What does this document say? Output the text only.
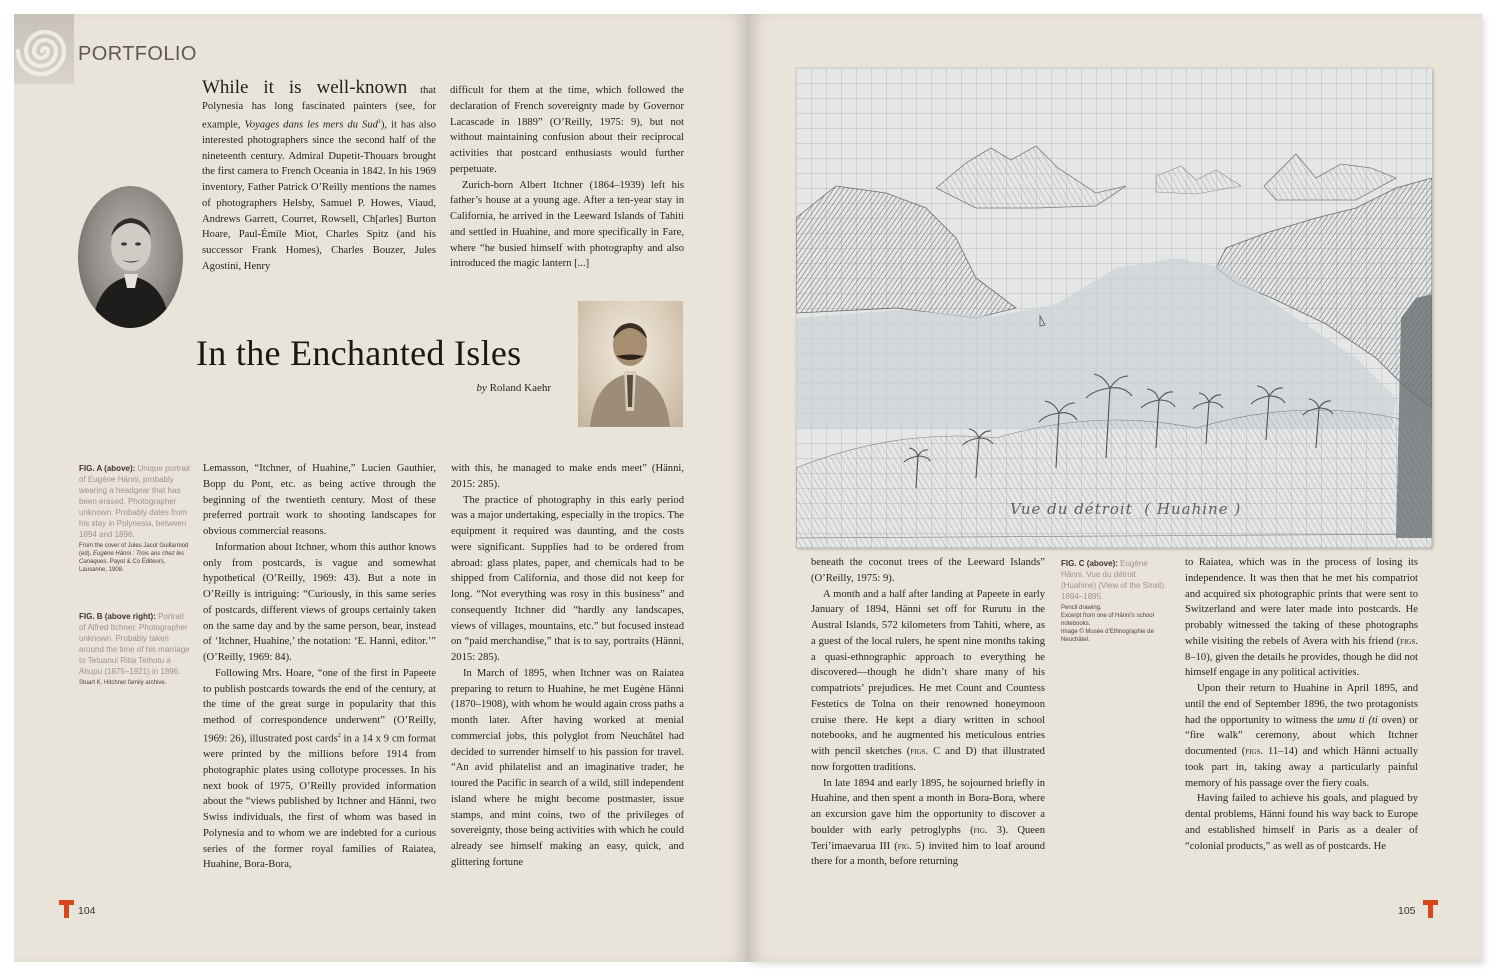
PORTFOLIO

While it is well-known that Polynesia has long fascinated painters (see, for example, Voyages dans les mers du Sud$^1$), it has also interested photographers since the second half of the nineteenth century. Admiral Dupetit-Thouars brought the first camera to French Oceania in 1842. In his 1969 inventory, Father Patrick O’Reilly mentions the names of photographers Helsby, Samuel P. Howes, Viaud, Andrews Garrett, Courret, Rowsell, Ch[arles] Burton Hoare, Paul-Émile Miot, Charles Spitz (and his successor Frank Homes), Charles Bouzer, Jules Agostini, Henry

difficult for them at the time, which followed the declaration of French sovereignty made by Governor Lacascade in 1889” (O’Reilly, 1975: 9), but not without maintaining confusion about their reciprocal activities that postcard enthusiasts would further perpetuate.

Zurich-born Albert Itchner (1864–1939) left his father’s house at a young age. After a ten-year stay in California, he arrived in the Leeward Islands of Tahiti and settled in Huahine, and more specifically in Fare, where “he busied himself with photography and also introduced the magic lantern [...]

In the Enchanted Isles
by Roland Kaehr
FIG. A (above): Unique portrait of Eugène Hänni, probably wearing a headgear that has been erased. Photographer unknown. Probably dates from his stay in Polynesia, between 1894 and 1896.
From the cover of Jules Jacot Guillarmod (ed), Eugène Hänni : Trois ans chez les Canaques. Payot & Co Éditeurs, Lausanne, 1908.
FIG. B (above right): Portrait of Alfred Itchner. Photographer unknown. Probably taken around the time of his marriage to Tetuanui Ritia Teihotu a Ahupu (1875–1921) in 1896.
Stuart K. Hitchner family archive.

Lemasson, “Itchner, of Huahine,” Lucien Gauthier, Bopp du Pont, etc. as being active through the beginning of the twentieth century. Most of these preferred portrait work to shooting landscapes for obvious commercial reasons.

Information about Itchner, whom this author knows only from postcards, is vague and somewhat hypothetical (O’Reilly, 1969: 43). But a note in O’Reilly is intriguing: “Curiously, in this same series of postcards, different views of groups certainly taken on the same day and by the same person, bear, instead of ‘Itchner, Huahine,’ the notation: ‘E. Hanni, editor.’” (O’Reilly, 1969: 84).

Following Mrs. Hoare, “one of the first in Papeete to publish postcards towards the end of the century, at the time of the great surge in popularity that this method of correspondence underwent” (O’Reilly, 1969: 26), illustrated post cards$^2$ in a 14 x 9 cm format were printed by the millions before 1914 from photographic plates using collotype processes. In his next book of 1975, O’Reilly provided information about the “views published by Itchner and Hänni, two Swiss individuals, the first of whom was based in Polynesia and to whom we are indebted for a curious series of the former royal families of Raiatea, Huahine, Bora-Bora,

with this, he managed to make ends meet” (Hänni, 2015: 285).

The practice of photography in this early period was a major undertaking, especially in the tropics. The equipment it required was daunting, and the costs were significant. Supplies had to be ordered from abroad: glass plates, paper, and chemicals had to be shipped from California, and those did not keep for long. “Not everything was rosy in this business” and consequently Itchner did “hardly any landscapes, views of villages, mountains, etc.” but focused instead on “paid merchandise,” that is to say, portraits (Hänni, 2015: 285).

In March of 1895, when Itchner was on Raiatea preparing to return to Huahine, he met Eugène Hänni (1870–1908), with whom he would again cross paths a month later. After having worked at menial commercial jobs, this polyglot from Neuchâtel had decided to surrender himself to his passion for travel. “An avid philatelist and an imaginative trader, he toured the Pacific in search of a wild, still independent island where he might become postmaster, issue stamps, and mint coins, two of the privileges of sovereignty, those being activities with which he could already see himself making an easy, quick, and glittering fortune

104
Vue du détroit  ( Huahine )

beneath the coconut trees of the Leeward Islands” (O’Reilly, 1975: 9).

A month and a half after landing at Papeete in early January of 1894, Hänni set off for Rurutu in the Austral Islands, 572 kilometers from Tahiti, where, as a guest of the local rulers, he spent nine months taking a quasi-ethnographic approach to everything he discovered—though he didn’t share many of his compatriots’ prejudices. He met Count and Countess Festetics de Tolna on their renowned honeymoon cruise there. He kept a diary written in school notebooks, and he augmented his meticulous entries with pencil sketches (figs. C and D) that illustrated now forgotten traditions.

In late 1894 and early 1895, he sojourned briefly in Huahine, and then spent a month in Bora-Bora, where an excursion gave him the opportunity to discover a boulder with early petroglyphs (fig. 3). Queen Teri’imaevarua III (fig. 5) invited him to loaf around there for a month, before returning

FIG. C (above): Eugène Hänni. Vue du détroit (Huahine) (View of the Strait). 1894–1895.
Pencil drawing.
Excerpt from one of Hänni’s school notebooks.
Image © Musée d’Ethnographie de Neuchâtel.

to Raiatea, which was in the process of losing its independence. It was then that he met his compatriot and acquired six photographic prints that were sent to Switzerland and were later made into postcards. He probably witnessed the taking of these photographs while visiting the rebels of Avera with his friend (figs. 8–10), given the details he provides, though he did not himself engage in any political activities.

Upon their return to Huahine in April 1895, and until the end of September 1896, the two protagonists had the opportunity to witness the umu ti (ti oven) or “fire walk” ceremony, about which Itchner documented (figs. 11–14) and which Hänni actually took part in, taking away a particularly painful memory of his passage over the fiery coals.

Having failed to achieve his goals, and plagued by dental problems, Hänni found his way back to Europe and established himself in Paris as a dealer of “colonial products,” as well as of postcards. He

105
